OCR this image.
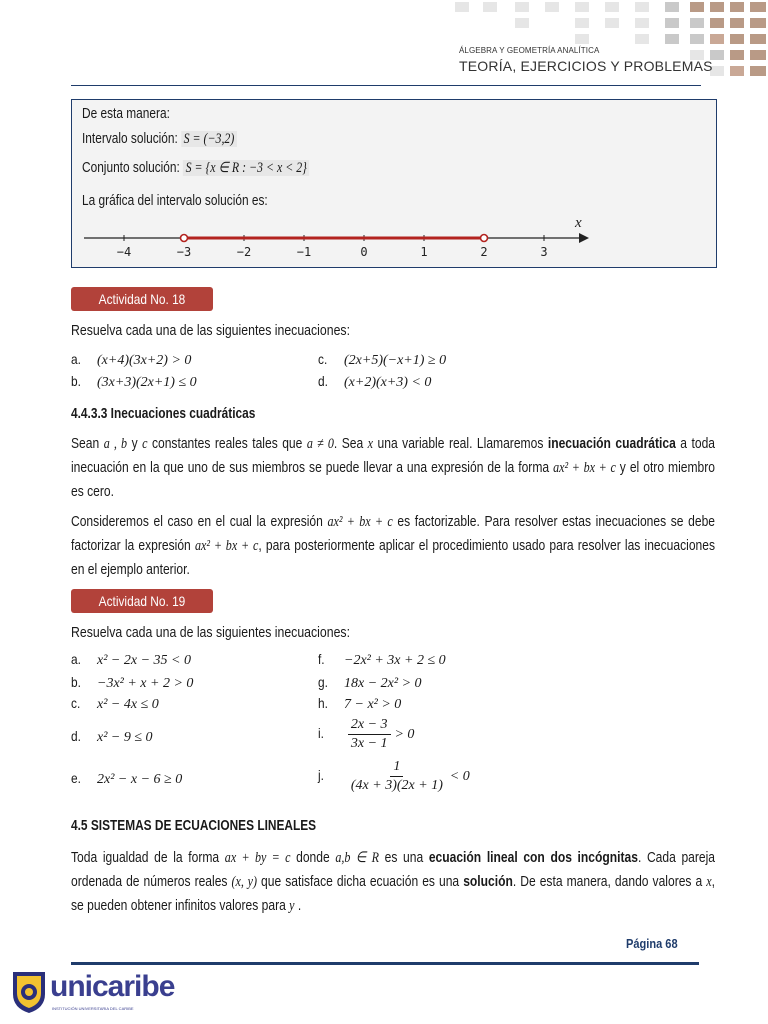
ÁLGEBRA Y GEOMETRÍA ANALÍTICA
TEORÍA, EJERCICIOS Y PROBLEMAS
De esta manera:
Intervalo solución: S = (−3,2)
Conjunto solución: S = {x ∈ R : −3 < x < 2}
La gráfica del intervalo solución es:
x
−4	−3	−2	−1	0	1	2	3
Actividad No. 18
Resuelva cada una de las siguientes inecuaciones:
a. (x+4)(3x+2) > 0
b. (3x+3)(2x+1) ≤ 0
c. (2x+5)(−x+1) ≥ 0
d. (x+2)(x+3) < 0
4.4.3.3 Inecuaciones cuadráticas
Sean a , b y c constantes reales tales que a ≠ 0. Sea x una variable real. Llamaremos inecuación cuadrática a toda inecuación en la que uno de sus miembros se puede llevar a una expresión de la forma ax² + bx + c y el otro miembro es cero.
Consideremos el caso en el cual la expresión ax² + bx + c es factorizable. Para resolver estas inecuaciones se debe factorizar la expresión ax² + bx + c, para posteriormente aplicar el procedimiento usado para resolver las inecuaciones en el ejemplo anterior.
Actividad No. 19
Resuelva cada una de las siguientes inecuaciones:
a. x² − 2x − 35 < 0
b. −3x² + x + 2 > 0
c. x² − 4x ≤ 0
d. x² − 9 ≤ 0
e. 2x² − x − 6 ≥ 0
f. −2x² + 3x + 2 ≤ 0
g. 18x − 2x² > 0
h. 7 − x² > 0
i. $\frac{2x - 3}{3x - 1} > 0$
j. $\frac{1}{(4x + 3)(2x + 1)} < 0$
4.5 SISTEMAS DE ECUACIONES LINEALES
Toda igualdad de la forma ax + by = c donde a,b ∈ R es una ecuación lineal con dos incógnitas. Cada pareja ordenada de números reales (x, y) que satisface dicha ecuación es una solución. De esta manera, dando valores a x, se pueden obtener infinitos valores para y .
Página 68
unicaribe
INSTITUCIÓN UNIVERSITARIA DEL CARIBE
